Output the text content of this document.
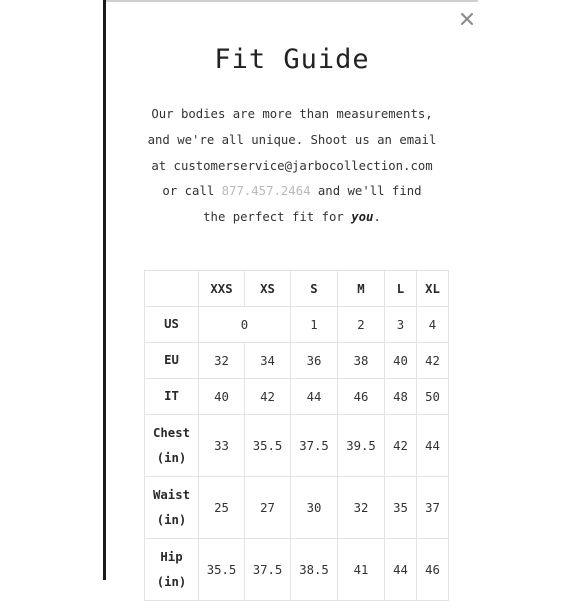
Fit Guide
Our bodies are more than measurements,
and we're all unique. Shoot us an email
at customerservice@jarbocollection.com
or call 877.457.2464 and we'll find
the perfect fit for you.
	XXS	XS	S	M	L	XL
US	0		1	2	3	4
EU	32	34	36	38	40	42
IT	40	42	44	46	48	50
Chest
(in)	33	35.5	37.5	39.5	42	44
Waist
(in)	25	27	30	32	35	37
Hip
(in)	35.5	37.5	38.5	41	44	46
